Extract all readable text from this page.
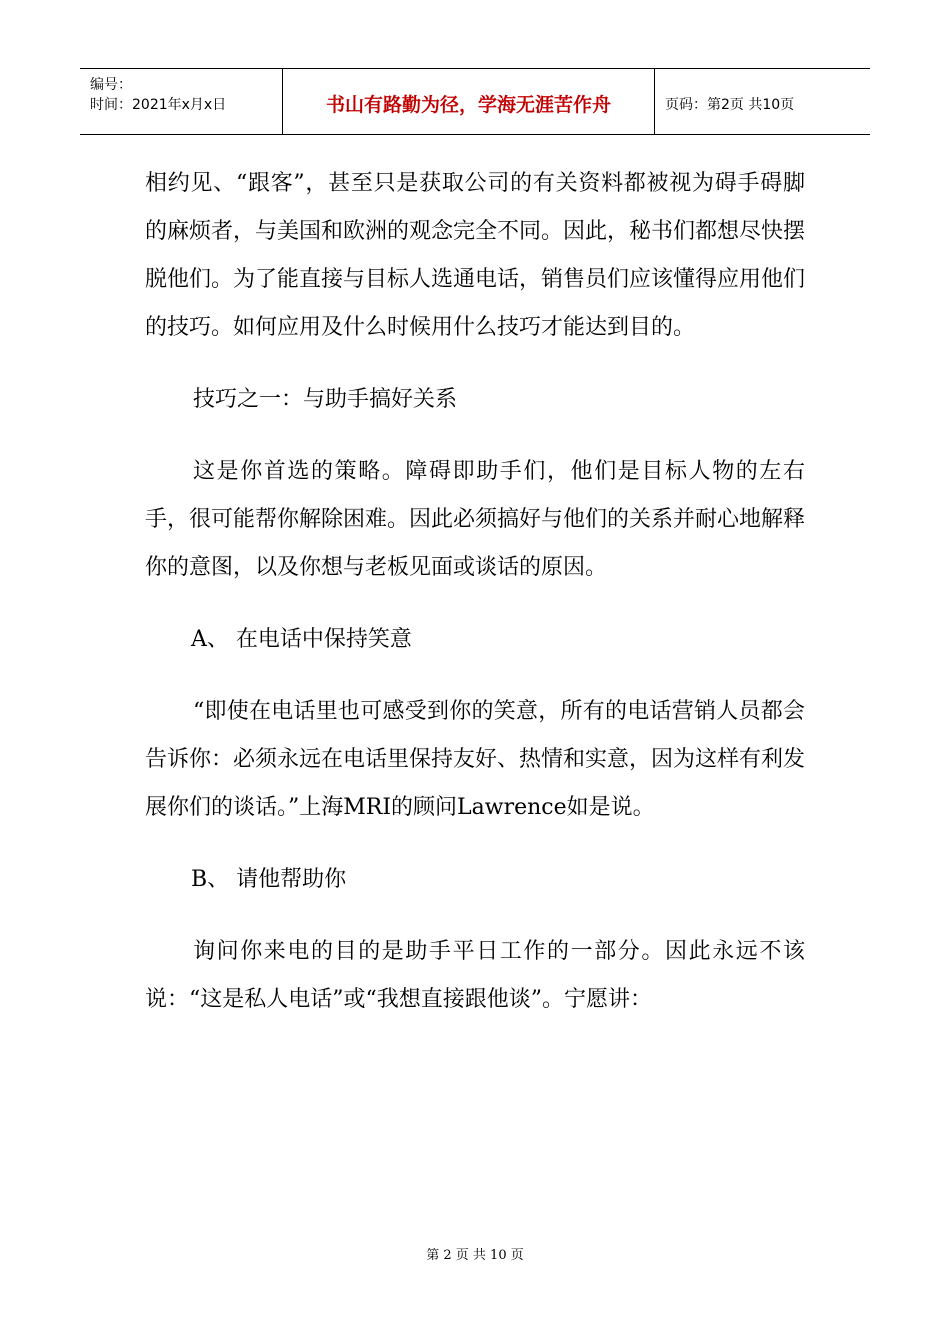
编号：
时间：2021年x月x日	书山有路勤为径，学海无涯苦作舟	页码：第2页 共10页

相约见、“跟客”，甚至只是获取公司的有关资料都被视为碍手碍脚的麻烦者，与美国和欧洲的观念完全不同。因此，秘书们都想尽快摆脱他们。为了能直接与目标人选通电话，销售员们应该懂得应用他们的技巧。如何应用及什么时候用什么技巧才能达到目的。

技巧之一：与助手搞好关系

这是你首选的策略。障碍即助手们，他们是目标人物的左右手，很可能帮你解除困难。因此必须搞好与他们的关系并耐心地解释你的意图，以及你想与老板见面或谈话的原因。

A、 在电话中保持笑意

“即使在电话里也可感受到你的笑意，所有的电话营销人员都会告诉你：必须永远在电话里保持友好、热情和实意，因为这样有利发展你们的谈话。”上海MRI的顾问Lawrence如是说。

B、 请他帮助你

询问你来电的目的是助手平日工作的一部分。因此永远不该说：“这是私人电话”或“我想直接跟他谈”。宁愿讲：

第 2 页 共 10 页
